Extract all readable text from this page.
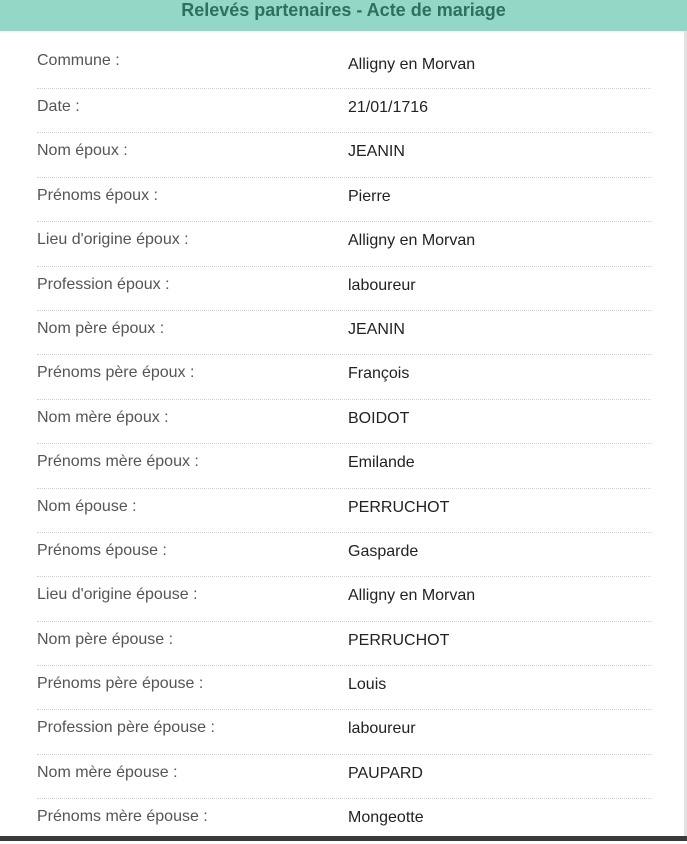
Relevés partenaires - Acte de mariage
Commune :	Alligny en Morvan
Date :	21/01/1716
Nom époux :	JEANIN
Prénoms époux :	Pierre
Lieu d'origine époux :	Alligny en Morvan
Profession époux :	laboureur
Nom père époux :	JEANIN
Prénoms père époux :	François
Nom mère époux :	BOIDOT
Prénoms mère époux :	Emilande
Nom épouse :	PERRUCHOT
Prénoms épouse :	Gasparde
Lieu d'origine épouse :	Alligny en Morvan
Nom père épouse :	PERRUCHOT
Prénoms père épouse :	Louis
Profession père épouse :	laboureur
Nom mère épouse :	PAUPARD
Prénoms mère épouse :	Mongeotte
